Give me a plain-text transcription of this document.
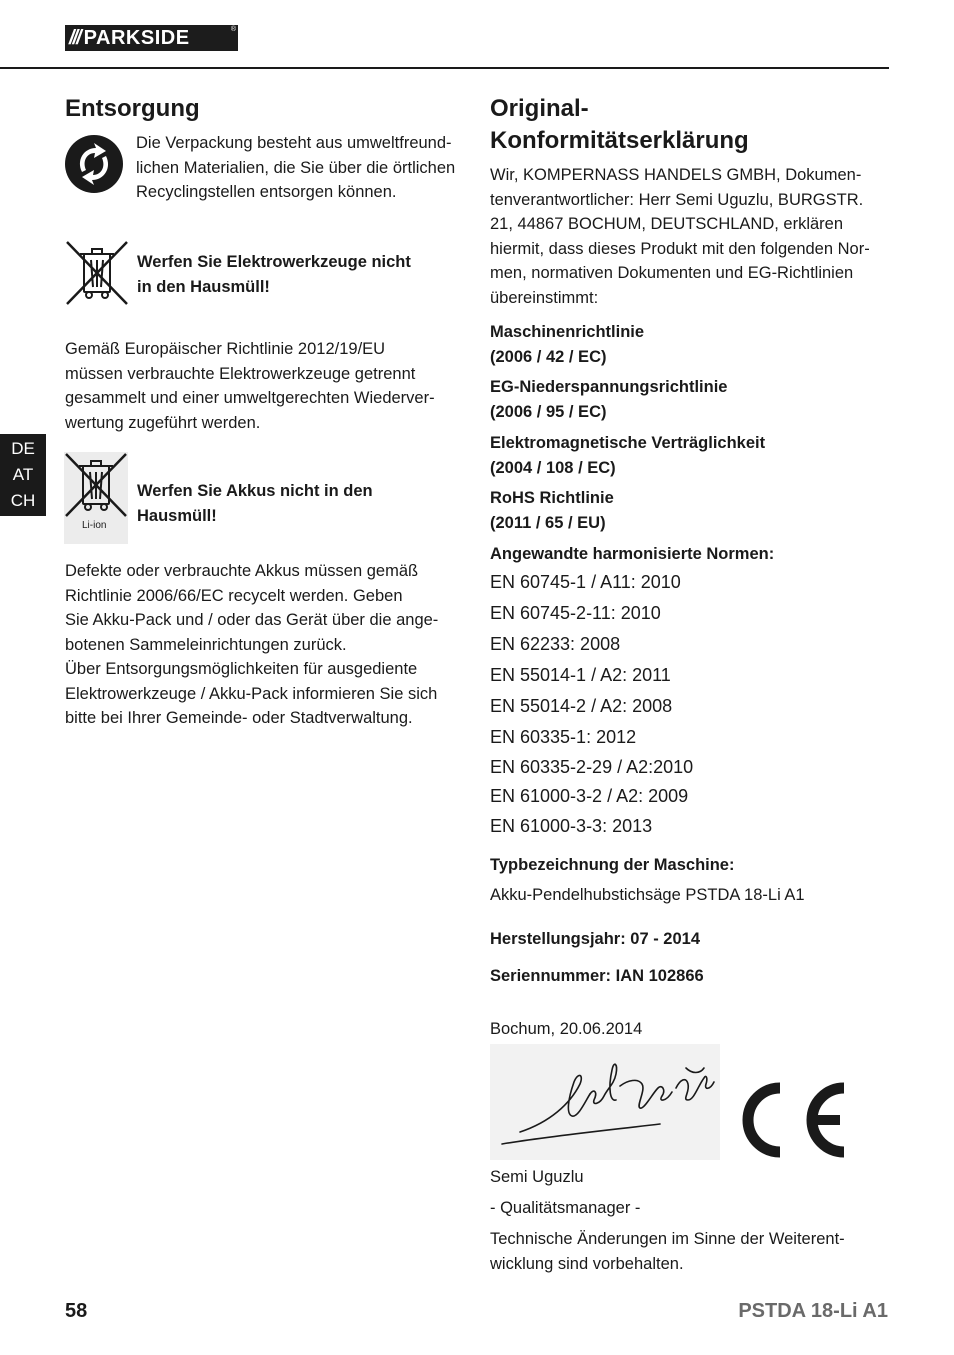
/// PARKSIDE	®
DE
AT
CH
Entsorgung
Die Verpackung besteht aus umweltfreund-
lichen Materialien, die Sie über die örtlichen
Recyclingstellen entsorgen können.
Werfen Sie Elektrowerkzeuge nicht
in den Hausmüll!
Gemäß Europäischer Richtlinie 2012/19/EU
müssen verbrauchte Elektrowerkzeuge getrennt
gesammelt und einer umweltgerechten Wiederver-
wertung zugeführt werden.
Li-ion
Werfen Sie Akkus nicht in den
Hausmüll!
Defekte oder verbrauchte Akkus müssen gemäß
Richtlinie 2006/66/EC recycelt werden. Geben
Sie Akku-Pack und / oder das Gerät über die ange-
botenen Sammeleinrichtungen zurück.
Über Entsorgungsmöglichkeiten für ausgediente
Elektrowerkzeuge / Akku-Pack informieren Sie sich
bitte bei Ihrer Gemeinde- oder Stadtverwaltung.
Original-
Konformitätserklärung
Wir, KOMPERNASS HANDELS GMBH, Dokumen-
tenverantwortlicher: Herr Semi Uguzlu, BURGSTR.
21, 44867 BOCHUM, DEUTSCHLAND, erklären
hiermit, dass dieses Produkt mit den folgenden Nor-
men, normativen Dokumenten und EG-Richtlinien
übereinstimmt:
Maschinenrichtlinie
(2006 / 42 / EC)
EG-Niederspannungsrichtlinie
(2006 / 95 / EC)
Elektromagnetische Verträglichkeit
(2004 / 108 / EC)
RoHS Richtlinie
(2011 / 65 / EU)
Angewandte harmonisierte Normen:
EN 60745-1 / A11: 2010
EN 60745-2-11: 2010
EN 62233: 2008
EN 55014-1 / A2: 2011
EN 55014-2 / A2: 2008
EN 60335-1: 2012
EN 60335-2-29 / A2:2010
EN 61000-3-2 / A2: 2009
EN 61000-3-3: 2013
Typbezeichnung der Maschine:
Akku-Pendelhubstichsäge PSTDA 18-Li A1
Herstellungsjahr: 07 - 2014
Seriennummer: IAN 102866
Bochum, 20.06.2014
Semi Uguzlu
- Qualitätsmanager -
Technische Änderungen im Sinne der Weiterent-
wicklung sind vorbehalten.
58	PSTDA 18-Li A1
